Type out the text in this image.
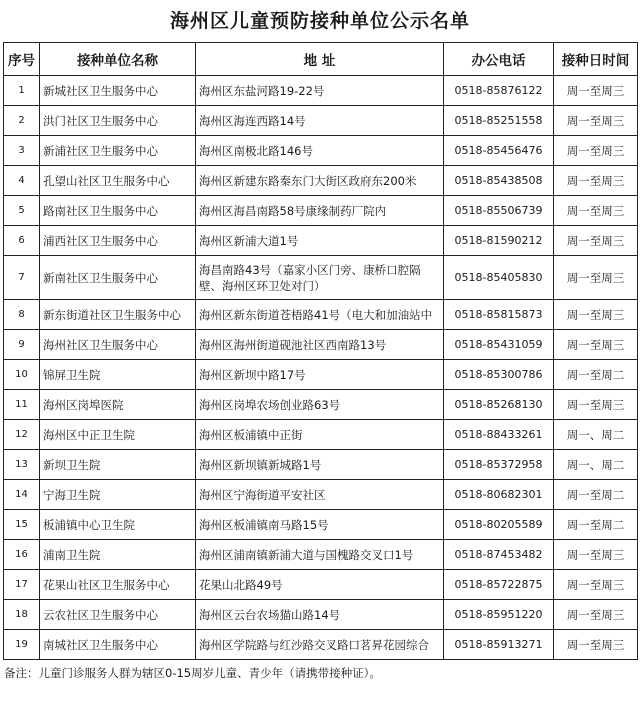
海州区儿童预防接种单位公示名单
序号	接种单位名称	地 址	办公电话	接种日时间
1	新城社区卫生服务中心	海州区东盐河路19-22号	0518-85876122	周一至周三
2	洪门社区卫生服务中心	海州区海连西路14号	0518-85251558	周一至周三
3	新浦社区卫生服务中心	海州区南极北路146号	0518-85456476	周一至周三
4	孔望山社区卫生服务中心	海州区新建东路秦东门大街区政府东200米	0518-85438508	周一至周三
5	路南社区卫生服务中心	海州区海昌南路58号康缘制药厂院内	0518-85506739	周一至周三
6	浦西社区卫生服务中心	海州区新浦大道1号	0518-81590212	周一至周三
7	新南社区卫生服务中心	海昌南路43号（嘉家小区门旁、康桥口腔隔壁、海州区环卫处对门）	0518-85405830	周一至周三
8	新东街道社区卫生服务中心	海州区新东街道苍梧路41号（电大和加油站中	0518-85815873	周一至周三
9	海州社区卫生服务中心	海州区海州街道砚池社区西南路13号	0518-85431059	周一至周三
10	锦屏卫生院	海州区新坝中路17号	0518-85300786	周一至周二
11	海州区岗埠医院	海州区岗埠农场创业路63号	0518-85268130	周一至周三
12	海州区中正卫生院	海州区板浦镇中正街	0518-88433261	周一、周二
13	新坝卫生院	海州区新坝镇新城路1号	0518-85372958	周一、周二
14	宁海卫生院	海州区宁海街道平安社区	0518-80682301	周一至周二
15	板浦镇中心卫生院	海州区板浦镇南马路15号	0518-80205589	周一至周二
16	浦南卫生院	海州区浦南镇新浦大道与国槐路交叉口1号	0518-87453482	周一至周三
17	花果山社区卫生服务中心	花果山北路49号	0518-85722875	周一至周三
18	云农社区卫生服务中心	海州区云台农场猫山路14号	0518-85951220	周一至周三
19	南城社区卫生服务中心	海州区学院路与红沙路交叉路口茗昇花园综合	0518-85913271	周一至周三
备注：儿童门诊服务人群为辖区0-15周岁儿童、青少年（请携带接种证）。
